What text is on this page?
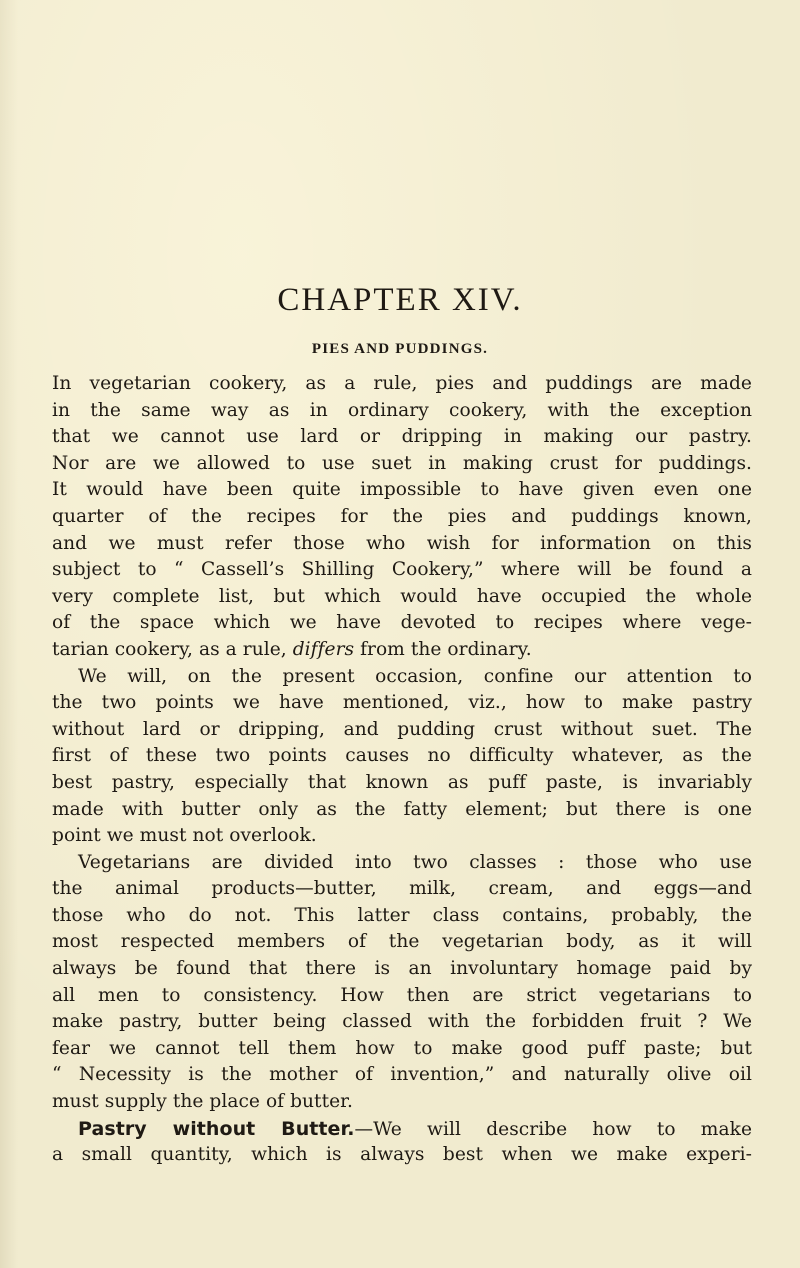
CHAPTER XIV.
PIES AND PUDDINGS.
In vegetarian cookery, as a rule, pies and puddings are made
in the same way as in ordinary cookery, with the exception
that we cannot use lard or dripping in making our pastry.
Nor are we allowed to use suet in making crust for puddings.
It would have been quite impossible to have given even one
quarter of the recipes for the pies and puddings known,
and we must refer those who wish for information on this
subject to “ Cassell’s Shilling Cookery,” where will be found a
very complete list, but which would have occupied the whole
of the space which we have devoted to recipes where vege-
tarian cookery, as a rule, differs from the ordinary.
We will, on the present occasion, confine our attention to
the two points we have mentioned, viz., how to make pastry
without lard or dripping, and pudding crust without suet. The
first of these two points causes no difficulty whatever, as the
best pastry, especially that known as puff paste, is invariably
made with butter only as the fatty element; but there is one
point we must not overlook.
Vegetarians are divided into two classes : those who use
the animal products—butter, milk, cream, and eggs—and
those who do not. This latter class contains, probably, the
most respected members of the vegetarian body, as it will
always be found that there is an involuntary homage paid by
all men to consistency. How then are strict vegetarians to
make pastry, butter being classed with the forbidden fruit ? We
fear we cannot tell them how to make good puff paste; but
“ Necessity is the mother of invention,” and naturally olive oil
must supply the place of butter.
Pastry without Butter.—We will describe how to make
a small quantity, which is always best when we make experi-
